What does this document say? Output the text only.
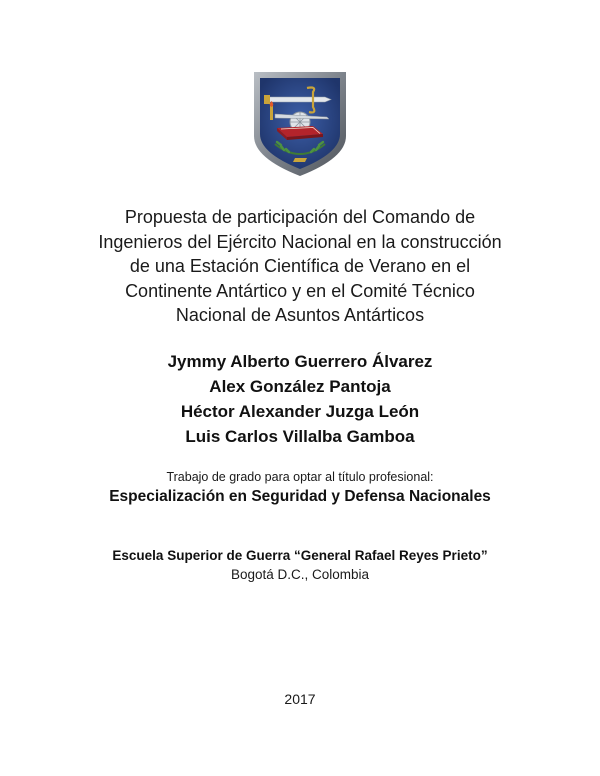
Propuesta de participación del Comando de
Ingenieros del Ejército Nacional en la construcción
de una Estación Científica de Verano en el
Continente Antártico y en el Comité Técnico
Nacional de Asuntos Antárticos
Jymmy Alberto Guerrero Álvarez
Alex González Pantoja
Héctor Alexander Juzga León
Luis Carlos Villalba Gamboa
Trabajo de grado para optar al título profesional:
Especialización en Seguridad y Defensa Nacionales
Escuela Superior de Guerra “General Rafael Reyes Prieto”
Bogotá D.C., Colombia
2017
